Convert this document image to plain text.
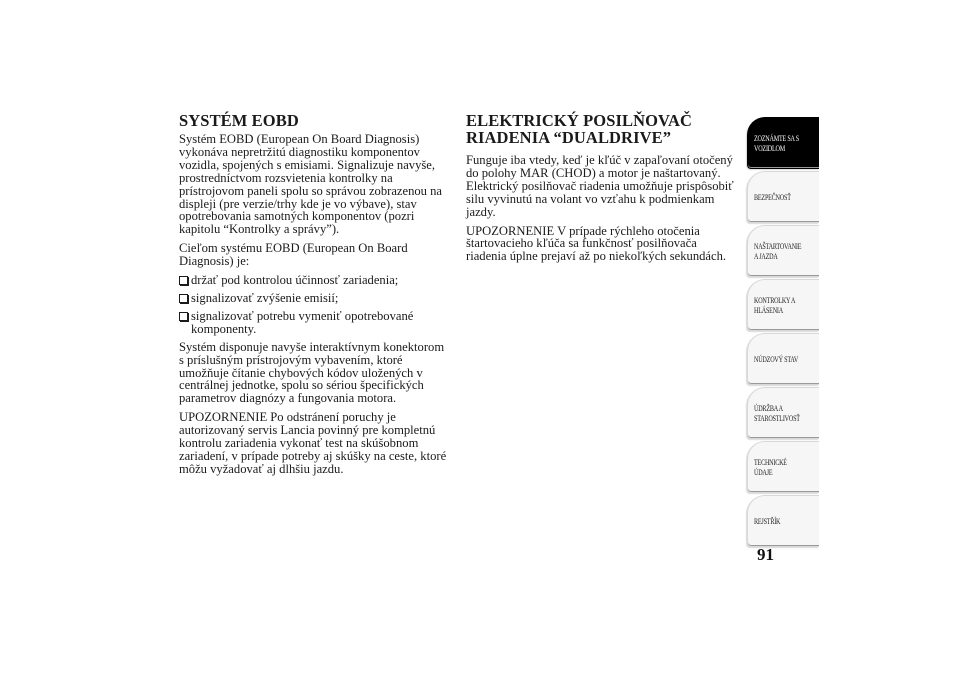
SYSTÉM EOBD

Systém EOBD (European On Board Diagnosis) vykonáva nepretržitú diagnostiku komponentov vozidla, spojených s emisiami. Signalizuje navyše, prostredníctvom rozsvietenia kontrolky na prístrojovom paneli spolu so správou zobrazenou na displeji (pre verzie/trhy kde je vo výbave), stav opotrebovania samotných komponentov (pozri kapitolu “Kontrolky a správy”).

Cieľom systému EOBD (European On Board Diagnosis) je:

držať pod kontrolou účinnosť zariadenia;
signalizovať zvýšenie emisií;
signalizovať potrebu vymeniť opotrebované komponenty.

Systém disponuje navyše interaktívnym konektorom s príslušným prístrojovým vybavením, ktoré umožňuje čítanie chybových kódov uložených v centrálnej jednotke, spolu so sériou špecifických parametrov diagnózy a fungovania motora.

UPOZORNENIE Po odstránení poruchy je autorizovaný servis Lancia povinný pre kompletnú kontrolu zariadenia vykonať test na skúšobnom zariadení, v prípade potreby aj skúšky na ceste, ktoré môžu vyžadovať aj dlhšiu jazdu.

ELEKTRICKÝ POSILŇOVAČ
RIADENIA “DUALDRIVE”

Funguje iba vtedy, keď je kľúč v zapaľovaní otočený do polohy MAR (CHOD) a motor je naštartovaný. Elektrický posilňovač riadenia umožňuje prispôsobiť silu vyvinutú na volant vo vzťahu k podmienkam jazdy.

UPOZORNENIE V prípade rýchleho otočenia štartovacieho kľúča sa funkčnosť posilňovača riadenia úplne prejaví až po niekoľkých sekundách.

ZOZNÁMTE SA S
VOZIDLOM
BEZPEČNOSŤ
NAŠTARTOVANIE
A JAZDA
KONTROLKY A
HLÁSENIA
NÚDZOVÝ STAV
ÚDRŽBA A
STAROSTLIVOSŤ
TECHNICKÉ
ÚDAJE
REJSTŘÍK
91
